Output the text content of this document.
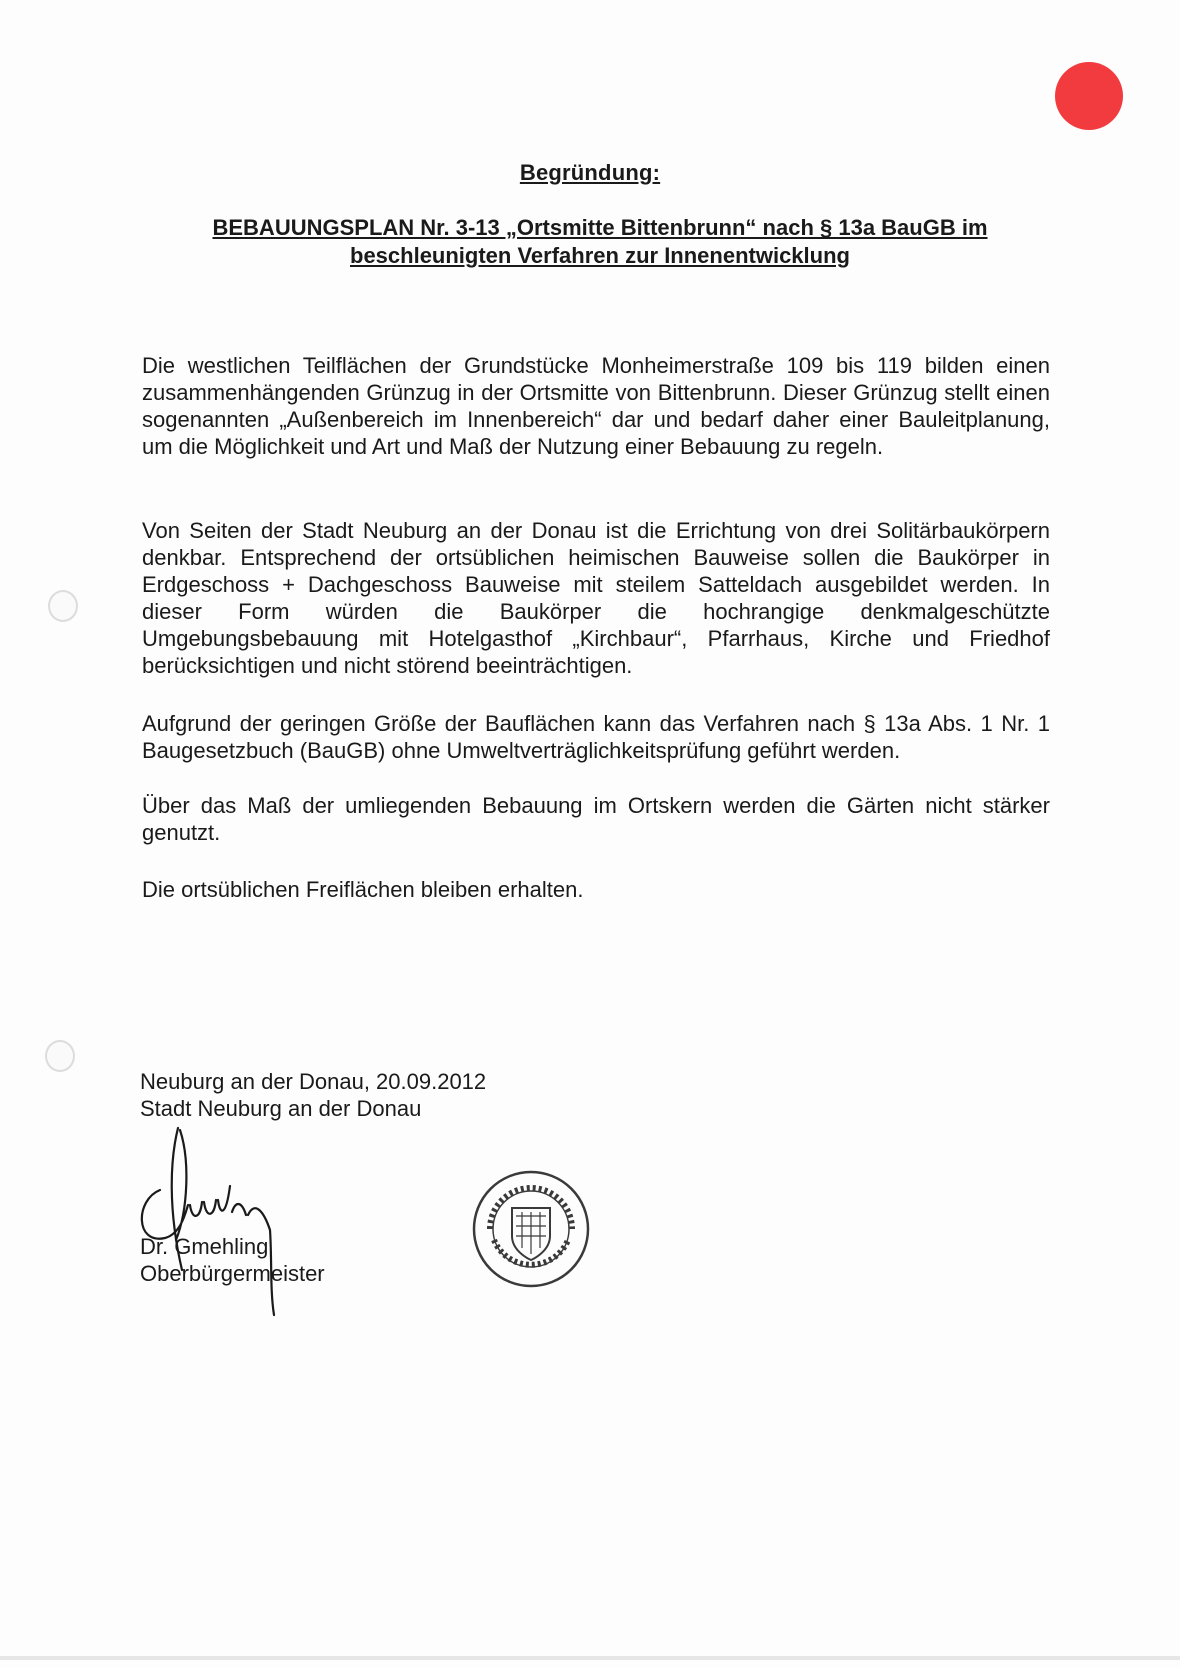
Begründung:
BEBAUUNGSPLAN Nr. 3-13 „Ortsmitte Bittenbrunn“ nach § 13a BauGB im beschleunigten Verfahren zur Innenentwicklung
Die westlichen Teilflächen der Grundstücke Monheimerstraße 109 bis 119 bilden einen zusammenhängenden Grünzug in der Ortsmitte von Bittenbrunn. Dieser Grünzug stellt einen sogenannten „Außenbereich im Innenbereich“ dar und bedarf daher einer Bauleitplanung, um die Möglichkeit und Art und Maß der Nutzung einer Bebauung zu regeln.
Von Seiten der Stadt Neuburg an der Donau ist die Errichtung von drei Solitärbaukörpern denkbar. Entsprechend der ortsüblichen heimischen Bauweise sollen die Baukörper in Erdgeschoss + Dachgeschoss Bauweise mit steilem Satteldach ausgebildet werden. In dieser Form würden die Baukörper die hochrangige denkmalgeschützte Umgebungsbebauung mit Hotelgasthof „Kirchbaur“, Pfarrhaus, Kirche und Friedhof berücksichtigen und nicht störend beeinträchtigen.
Aufgrund der geringen Größe der Bauflächen kann das Verfahren nach § 13a Abs. 1 Nr. 1 Baugesetzbuch (BauGB) ohne Umweltverträglichkeitsprüfung geführt werden.
Über das Maß der umliegenden Bebauung im Ortskern werden die Gärten nicht stärker genutzt.
Die ortsüblichen Freiflächen bleiben erhalten.
Neuburg an der Donau, 20.09.2012
Stadt Neuburg an der Donau
Dr. Gmehling
Oberbürgermeister
